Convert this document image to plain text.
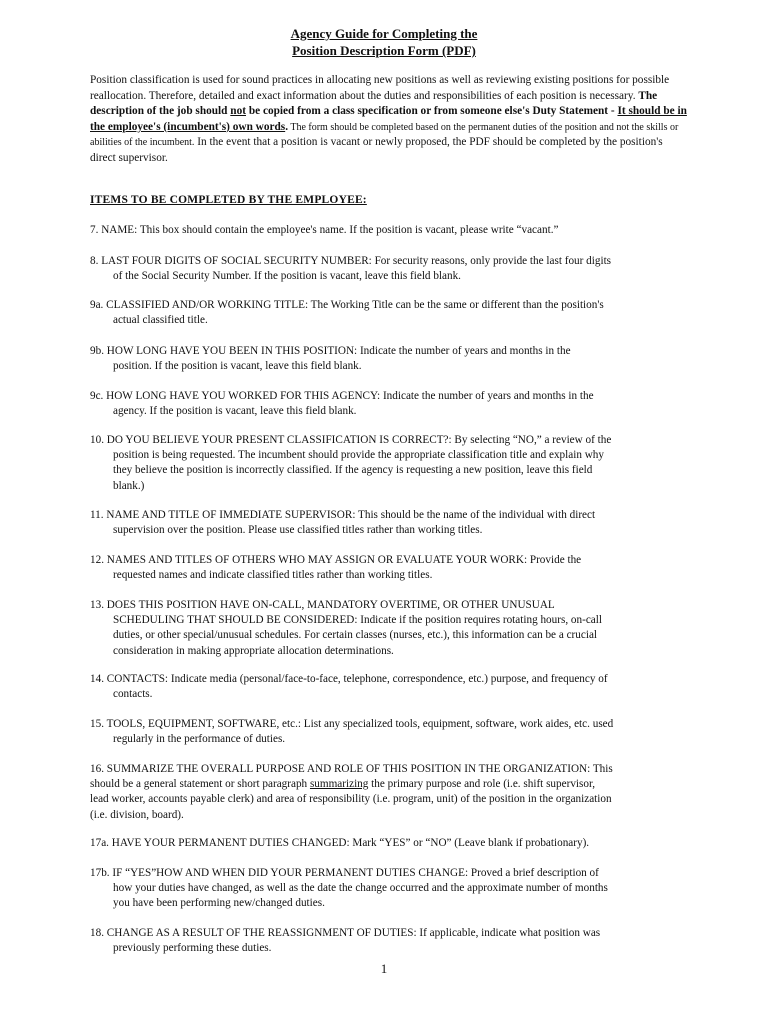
Agency Guide for Completing the
Position Description Form (PDF)
Position classification is used for sound practices in allocating new positions as well as reviewing existing positions for possible reallocation. Therefore, detailed and exact information about the duties and responsibilities of each position is necessary. The description of the job should not be copied from a class specification or from someone else's Duty Statement - It should be in the employee's (incumbent's) own words. The form should be completed based on the permanent duties of the position and not the skills or abilities of the incumbent. In the event that a position is vacant or newly proposed, the PDF should be completed by the position's direct supervisor.
ITEMS TO BE COMPLETED BY THE EMPLOYEE:
7. NAME: This box should contain the employee's name. If the position is vacant, please write “vacant.”
8. LAST FOUR DIGITS OF SOCIAL SECURITY NUMBER: For security reasons, only provide the last four digits
of the Social Security Number. If the position is vacant, leave this field blank.
9a. CLASSIFIED AND/OR WORKING TITLE: The Working Title can be the same or different than the position's
actual classified title.
9b. HOW LONG HAVE YOU BEEN IN THIS POSITION: Indicate the number of years and months in the
position. If the position is vacant, leave this field blank.
9c. HOW LONG HAVE YOU WORKED FOR THIS AGENCY: Indicate the number of years and months in the
agency. If the position is vacant, leave this field blank.
10. DO YOU BELIEVE YOUR PRESENT CLASSIFICATION IS CORRECT?: By selecting “NO,” a review of the
position is being requested. The incumbent should provide the appropriate classification title and explain why
they believe the position is incorrectly classified. If the agency is requesting a new position, leave this field
blank.)
11. NAME AND TITLE OF IMMEDIATE SUPERVISOR: This should be the name of the individual with direct
supervision over the position. Please use classified titles rather than working titles.
12. NAMES AND TITLES OF OTHERS WHO MAY ASSIGN OR EVALUATE YOUR WORK: Provide the
requested names and indicate classified titles rather than working titles.
13. DOES THIS POSITION HAVE ON-CALL, MANDATORY OVERTIME, OR OTHER UNUSUAL
SCHEDULING THAT SHOULD BE CONSIDERED: Indicate if the position requires rotating hours, on-call
duties, or other special/unusual schedules. For certain classes (nurses, etc.), this information can be a crucial
consideration in making appropriate allocation determinations.
14. CONTACTS: Indicate media (personal/face-to-face, telephone, correspondence, etc.) purpose, and frequency of
contacts.
15. TOOLS, EQUIPMENT, SOFTWARE, etc.: List any specialized tools, equipment, software, work aides, etc. used
regularly in the performance of duties.
16. SUMMARIZE THE OVERALL PURPOSE AND ROLE OF THIS POSITION IN THE ORGANIZATION: This
should be a general statement or short paragraph summarizing the primary purpose and role (i.e. shift supervisor,
lead worker, accounts payable clerk) and area of responsibility (i.e. program, unit) of the position in the organization
(i.e. division, board).
17a. HAVE YOUR PERMANENT DUTIES CHANGED: Mark “YES” or “NO” (Leave blank if probationary).
17b. IF “YES”HOW AND WHEN DID YOUR PERMANENT DUTIES CHANGE: Proved a brief description of
how your duties have changed, as well as the date the change occurred and the approximate number of months
you have been performing new/changed duties.
18. CHANGE AS A RESULT OF THE REASSIGNMENT OF DUTIES: If applicable, indicate what position was
previously performing these duties.
1
